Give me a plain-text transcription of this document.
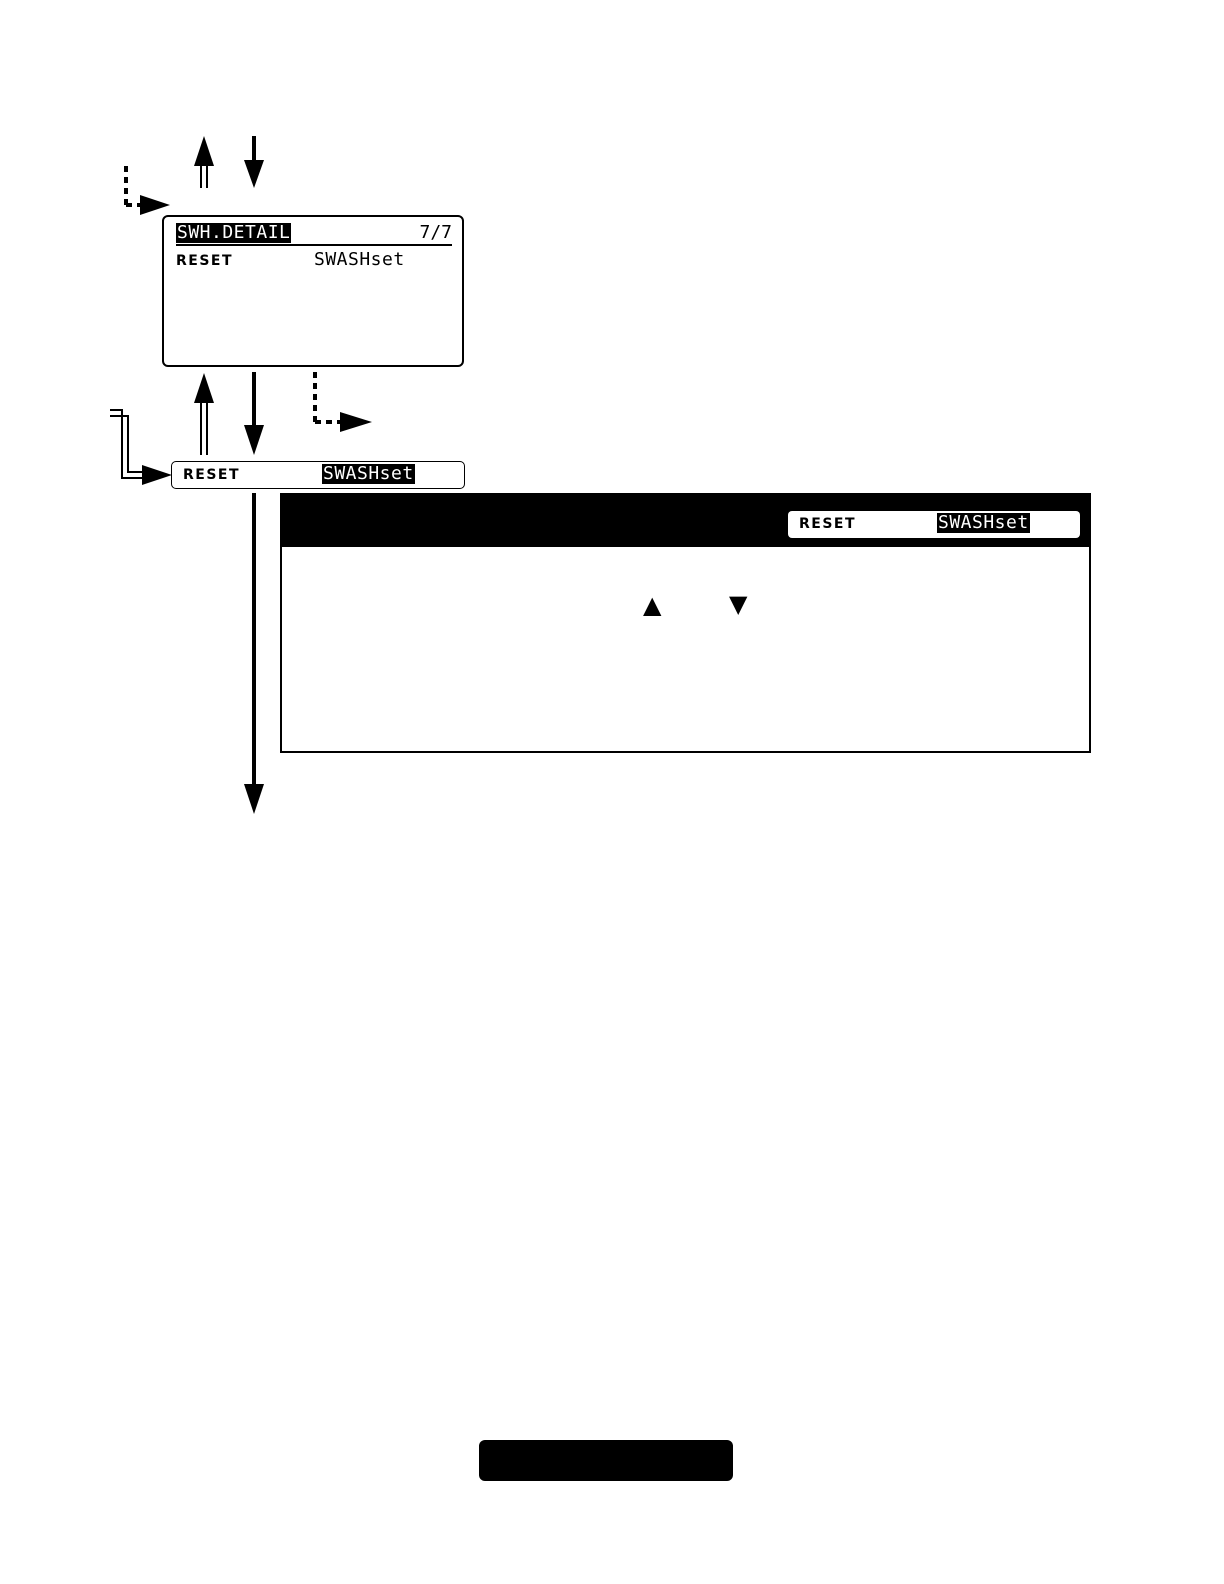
SWH.DETAIL	7/7
RESET	SWASHset
RESET	SWASHset
RESET	SWASHset
▲	▼
